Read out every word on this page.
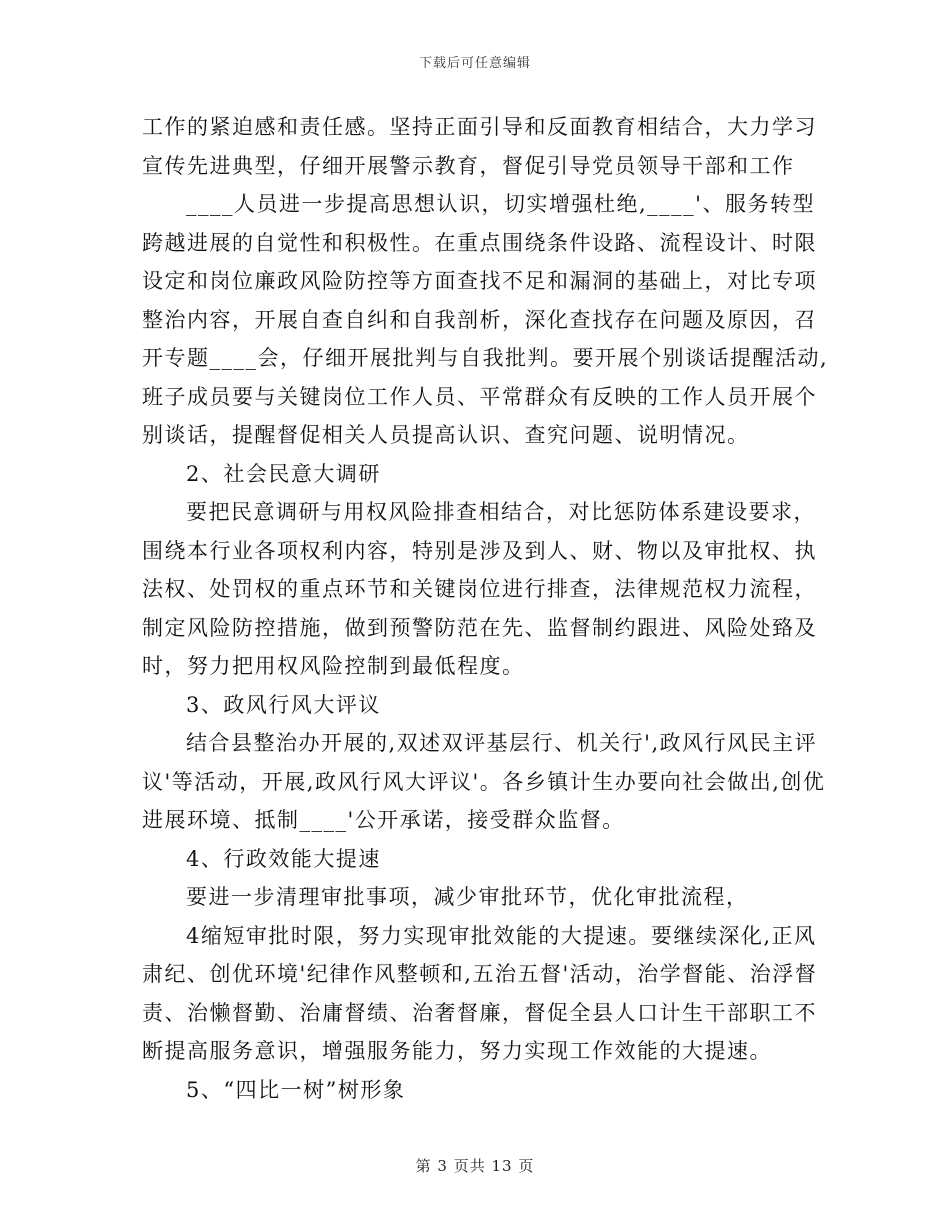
下载后可任意编辑
工作的紧迫感和责任感。坚持正面引导和反面教育相结合，大力学习
宣传先进典型，仔细开展警示教育，督促引导党员领导干部和工作
____人员进一步提高思想认识，切实增强杜绝,____'、服务转型
跨越进展的自觉性和积极性。在重点围绕条件设路、流程设计、时限
设定和岗位廉政风险防控等方面查找不足和漏洞的基础上，对比专项
整治内容，开展自查自纠和自我剖析，深化查找存在问题及原因，召
开专题____会，仔细开展批判与自我批判。要开展个别谈话提醒活动,
班子成员要与关键岗位工作人员、平常群众有反映的工作人员开展个
别谈话，提醒督促相关人员提高认识、查究问题、说明情况。
2、社会民意大调研
要把民意调研与用权风险排查相结合，对比惩防体系建设要求，
围绕本行业各项权利内容，特别是涉及到人、财、物以及审批权、执
法权、处罚权的重点环节和关键岗位进行排查，法律规范权力流程，
制定风险防控措施，做到预警防范在先、监督制约跟进、风险处臵及
时，努力把用权风险控制到最低程度。
3、政风行风大评议
结合县整治办开展的,双述双评基层行、机关行',政风行风民主评
议'等活动，开展,政风行风大评议'。各乡镇计生办要向社会做出,创优
进展环境、抵制____'公开承诺，接受群众监督。
4、行政效能大提速
要进一步清理审批事项，减少审批环节，优化审批流程，
4缩短审批时限，努力实现审批效能的大提速。要继续深化,正风
肃纪、创优环境'纪律作风整顿和,五治五督'活动，治学督能、治浮督
责、治懒督勤、治庸督绩、治奢督廉，督促全县人口计生干部职工不
断提高服务意识，增强服务能力，努力实现工作效能的大提速。
5、“四比一树”树形象
第 3 页共 13 页
